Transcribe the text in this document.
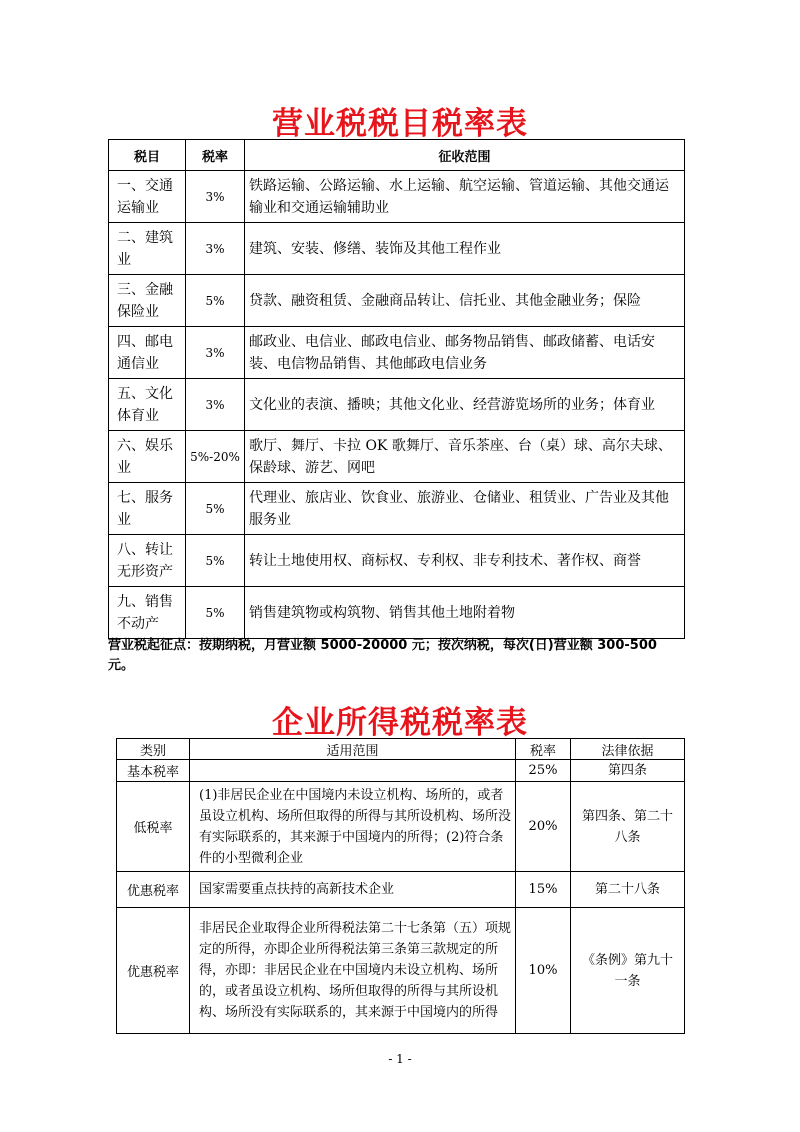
营业税税目税率表
税目	税率	征收范围
一、交通运输业	3%	铁路运输、公路运输、水上运输、航空运输、管道运输、其他交通运输业和交通运输辅助业
二、建筑业	3%	建筑、安装、修缮、装饰及其他工程作业
三、金融保险业	5%	贷款、融资租赁、金融商品转让、信托业、其他金融业务；保险
四、邮电通信业	3%	邮政业、电信业、邮政电信业、邮务物品销售、邮政储蓄、电话安装、电信物品销售、其他邮政电信业务
五、文化体育业	3%	文化业的表演、播映；其他文化业、经营游览场所的业务；体育业
六、娱乐业	5%-20%	歌厅、舞厅、卡拉 OK 歌舞厅、音乐茶座、台（桌）球、高尔夫球、保龄球、游艺、网吧
七、服务业	5%	代理业、旅店业、饮食业、旅游业、仓储业、租赁业、广告业及其他服务业
八、转让无形资产	5%	转让土地使用权、商标权、专利权、非专利技术、著作权、商誉
九、销售不动产	5%	销售建筑物或构筑物、销售其他土地附着物
营业税起征点：按期纳税，月营业额 5000-20000 元；按次纳税，每次(日)营业额 300-500 元。
企业所得税税率表
类别	适用范围	税率	法律依据
基本税率		25%	第四条
低税率	(1)非居民企业在中国境内未设立机构、场所的，或者虽设立机构、场所但取得的所得与其所设机构、场所没有实际联系的，其来源于中国境内的所得；(2)符合条件的小型微利企业	20%	第四条、第二十八条
优惠税率	国家需要重点扶持的高新技术企业	15%	第二十八条
优惠税率	非居民企业取得企业所得税法第二十七条第（五）项规定的所得，亦即企业所得税法第三条第三款规定的所得，亦即：非居民企业在中国境内未设立机构、场所的，或者虽设立机构、场所但取得的所得与其所设机构、场所没有实际联系的，其来源于中国境内的所得	10%	《条例》第九十一条
- 1 -
